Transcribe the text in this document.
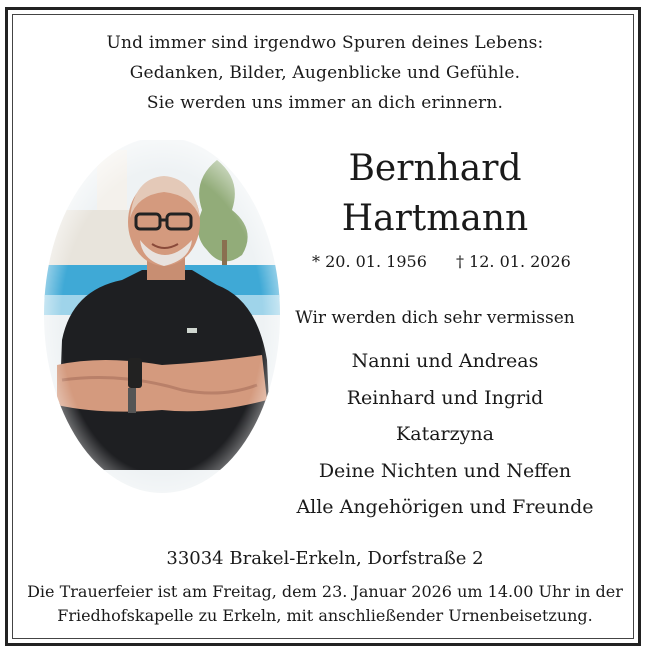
Und immer sind irgendwo Spuren deines Lebens:
Gedanken, Bilder, Augenblicke und Gefühle.
Sie werden uns immer an dich erinnern.
Bernhard
Hartmann
* 20. 01. 1956 † 12. 01. 2026
Wir werden dich sehr vermissen
Nanni und Andreas
Reinhard und Ingrid
Katarzyna
Deine Nichten und Neffen
Alle Angehörigen und Freunde
33034 Brakel-Erkeln, Dorfstraße 2
Die Trauerfeier ist am Freitag, dem 23. Januar 2026 um 14.00 Uhr in der
Friedhofskapelle zu Erkeln, mit anschließender Urnenbeisetzung.
